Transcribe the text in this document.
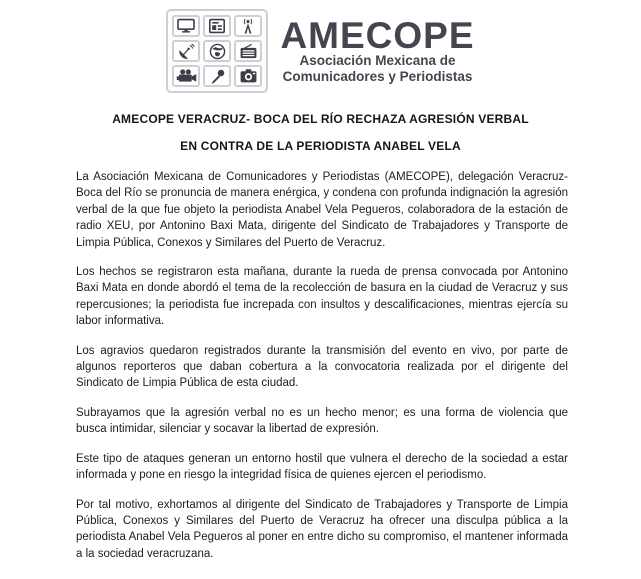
AMECOPE
Asociación Mexicana de
Comunicadores y Periodistas
AMECOPE VERACRUZ- BOCA DEL RÍO RECHAZA AGRESIÓN VERBAL
EN CONTRA DE LA PERIODISTA ANABEL VELA

La Asociación Mexicana de Comunicadores y Periodistas (AMECOPE), delegación Veracruz-Boca del Río se pronuncia de manera enérgica, y condena con profunda indignación la agresión verbal de la que fue objeto la periodista Anabel Vela Pegueros, colaboradora de la estación de radio XEU, por Antonino Baxi Mata, dirigente del Sindicato de Trabajadores y Transporte de Limpia Pública, Conexos y Similares del Puerto de Veracruz.

Los hechos se registraron esta mañana, durante la rueda de prensa convocada por Antonino Baxi Mata en donde abordó el tema de la recolección de basura en la ciudad de Veracruz y sus repercusiones; la periodista fue increpada con insultos y descalificaciones, mientras ejercía su labor informativa.

Los agravios quedaron registrados durante la transmisión del evento en vivo, por parte de algunos reporteros que daban cobertura a la convocatoria realizada por el dirigente del Sindicato de Limpia Pública de esta ciudad.

Subrayamos que la agresión verbal no es un hecho menor; es una forma de violencia que busca intimidar, silenciar y socavar la libertad de expresión.

Este tipo de ataques generan un entorno hostil que vulnera el derecho de la sociedad a estar informada y pone en riesgo la integridad física de quienes ejercen el periodismo.

Por tal motivo, exhortamos al dirigente del Sindicato de Trabajadores y Transporte de Limpia Pública, Conexos y Similares del Puerto de Veracruz ha ofrecer una disculpa pública a la periodista Anabel Vela Pegueros al poner en entre dicho su compromiso, el mantener informada a la sociedad veracruzana.
